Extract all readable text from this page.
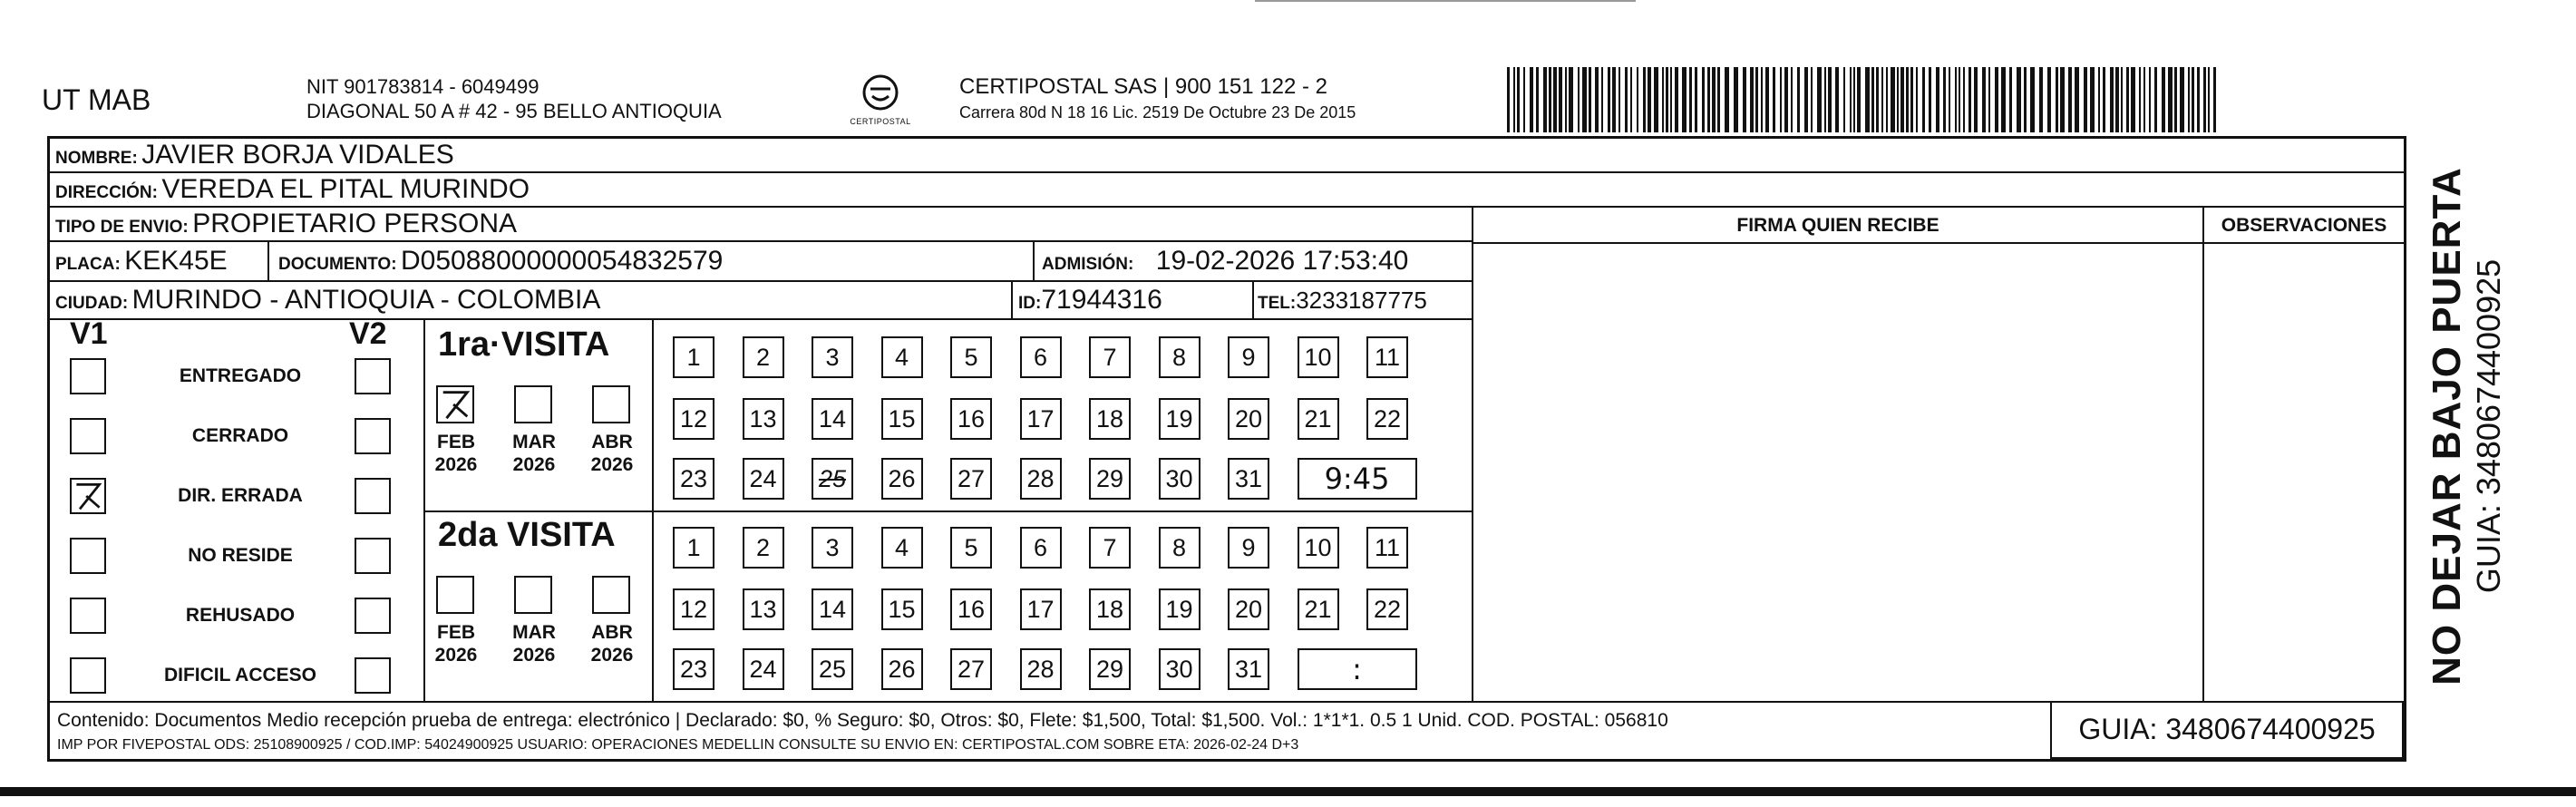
UT MAB	NIT 901783814 - 6049499
DIAGONAL 50 A # 42 - 95 BELLO ANTIOQUIA	CERTIPOSTAL
CERTIPOSTAL SAS | 900 151 122 - 2
Carrera 80d N 18 16 Lic. 2519 De Octubre 23 De 2015
NOMBRE: JAVIER BORJA VIDALES
DIRECCIÓN: VEREDA EL PITAL MURINDO
TIPO DE ENVIO: PROPIETARIO PERSONA
PLACA: KEK45E	DOCUMENTO: D05088000000054832579	ADMISIÓN: 19-02-2026 17:53:40
CIUDAD: MURINDO - ANTIOQUIA - COLOMBIA	ID:71944316	TEL:3233187775
FIRMA QUIEN RECIBE	OBSERVACIONES
V1	V2
ENTREGADO
CERRADO
DIR. ERRADA
NO RESIDE
REHUSADO
DIFICIL ACCESO
1ra·VISITA
FEB
2026
MAR
2026
ABR
2026
1	2	3	4	5	6	7	8	9	10	11
12 13 14 15 16 17 18 19 20 21 22
23 24 25 26 27 28 29 30 31	9:45
2da VISITA
FEB
2026
MAR
2026
ABR
2026
1	2	3	4	5	6	7	8	9	10	11
12 13 14 15 16 17 18 19 20 21 22
23 24 25 26 27 28 29 30 31	:
Contenido: Documentos Medio recepción prueba de entrega: electrónico | Declarado: $0, % Seguro: $0, Otros: $0, Flete: $1,500, Total: $1,500. Vol.: 1*1*1. 0.5 1 Unid. COD. POSTAL: 056810
IMP POR FIVEPOSTAL ODS: 25108900925 / COD.IMP: 54024900925 USUARIO: OPERACIONES MEDELLIN CONSULTE SU ENVIO EN: CERTIPOSTAL.COM SOBRE ETA: 2026-02-24 D+3	GUIA: 3480674400925
NO DEJAR BAJO PUERTA GUIA: 3480674400925
